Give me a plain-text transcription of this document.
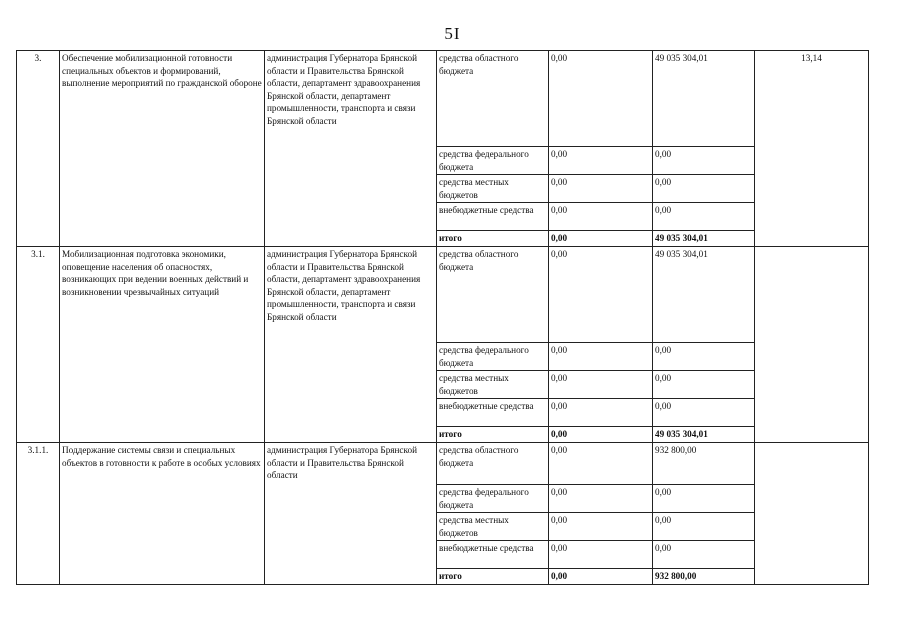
5I
3.	Обеспечение мобилизационной готовности специальных объектов и формирований, выполнение мероприятий по гражданской обороне	администрация Губернатора Брянской области и Правительства Брянской области, департамент здравоохранения Брянской области, департамент промышленности, транспорта и связи Брянской области	средства областного бюджета	0,00	49 035 304,01	13,14
			средства федерального бюджета	0,00	0,00	
			средства местных бюджетов	0,00	0,00	
			внебюджетные средства	0,00	0,00	
			итого	0,00	49 035 304,01	
3.1.	Мобилизационная подготовка экономики, оповещение населения об опасностях, возникающих при ведении военных действий и возникновении чрезвычайных ситуаций	администрация Губернатора Брянской области и Правительства Брянской области, департамент здравоохранения Брянской области, департамент промышленности, транспорта и связи Брянской области	средства областного бюджета	0,00	49 035 304,01	
			средства федерального бюджета	0,00	0,00	
			средства местных бюджетов	0,00	0,00	
			внебюджетные средства	0,00	0,00	
			итого	0,00	49 035 304,01	
3.1.1.	Поддержание системы связи и специальных объектов в готовности к работе в особых условиях	администрация Губернатора Брянской области и Правительства Брянской области	средства областного бюджета	0,00	932 800,00	
			средства федерального бюджета	0,00	0,00	
			средства местных бюджетов	0,00	0,00	
			внебюджетные средства	0,00	0,00	
			итого	0,00	932 800,00	
